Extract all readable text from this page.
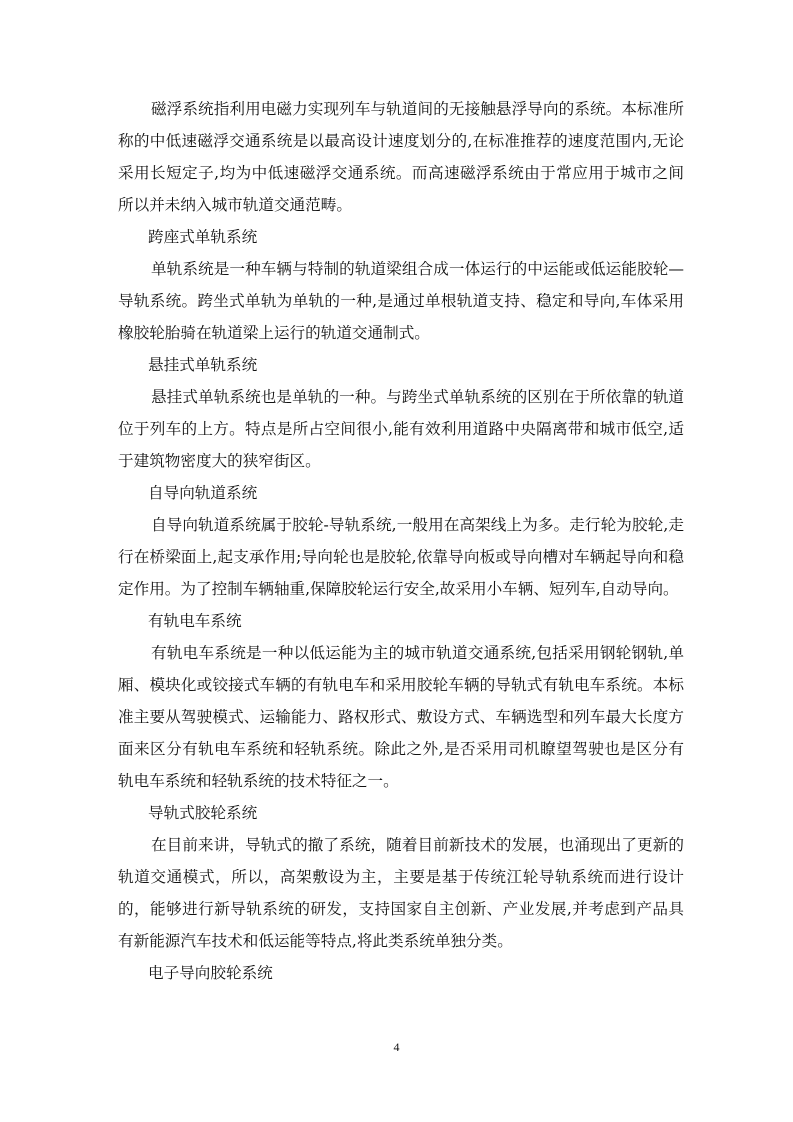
磁浮系统指利用电磁力实现列车与轨道间的无接触悬浮导向的系统。本标准所称的中低速磁浮交通系统是以最高设计速度划分的,在标准推荐的速度范围内,无论采用长短定子,均为中低速磁浮交通系统。而高速磁浮系统由于常应用于城市之间所以并未纳入城市轨道交通范畴。

跨座式单轨系统

单轨系统是一种车辆与特制的轨道梁组合成一体运行的中运能或低运能胶轮—导轨系统。跨坐式单轨为单轨的一种,是通过单根轨道支持、稳定和导向,车体采用橡胶轮胎骑在轨道梁上运行的轨道交通制式。

悬挂式单轨系统

悬挂式单轨系统也是单轨的一种。与跨坐式单轨系统的区别在于所依靠的轨道位于列车的上方。特点是所占空间很小,能有效利用道路中央隔离带和城市低空,适于建筑物密度大的狭窄街区。

自导向轨道系统

自导向轨道系统属于胶轮-导轨系统,一般用在高架线上为多。走行轮为胶轮,走行在桥梁面上,起支承作用;导向轮也是胶轮,依靠导向板或导向槽对车辆起导向和稳定作用。为了控制车辆轴重,保障胶轮运行安全,故采用小车辆、短列车,自动导向。

有轨电车系统

有轨电车系统是一种以低运能为主的城市轨道交通系统,包括采用钢轮钢轨,单厢、模块化或铰接式车辆的有轨电车和采用胶轮车辆的导轨式有轨电车系统。本标准主要从驾驶模式、运输能力、路权形式、敷设方式、车辆选型和列车最大长度方面来区分有轨电车系统和轻轨系统。除此之外,是否采用司机瞭望驾驶也是区分有轨电车系统和轻轨系统的技术特征之一。

导轨式胶轮系统

在目前来讲，导轨式的撤了系统，随着目前新技术的发展，也涌现出了更新的轨道交通模式，所以，高架敷设为主，主要是基于传统江轮导轨系统而进行设计的，能够进行新导轨系统的研发，支持国家自主创新、产业发展,并考虑到产品具有新能源汽车技术和低运能等特点,将此类系统单独分类。

电子导向胶轮系统

4
